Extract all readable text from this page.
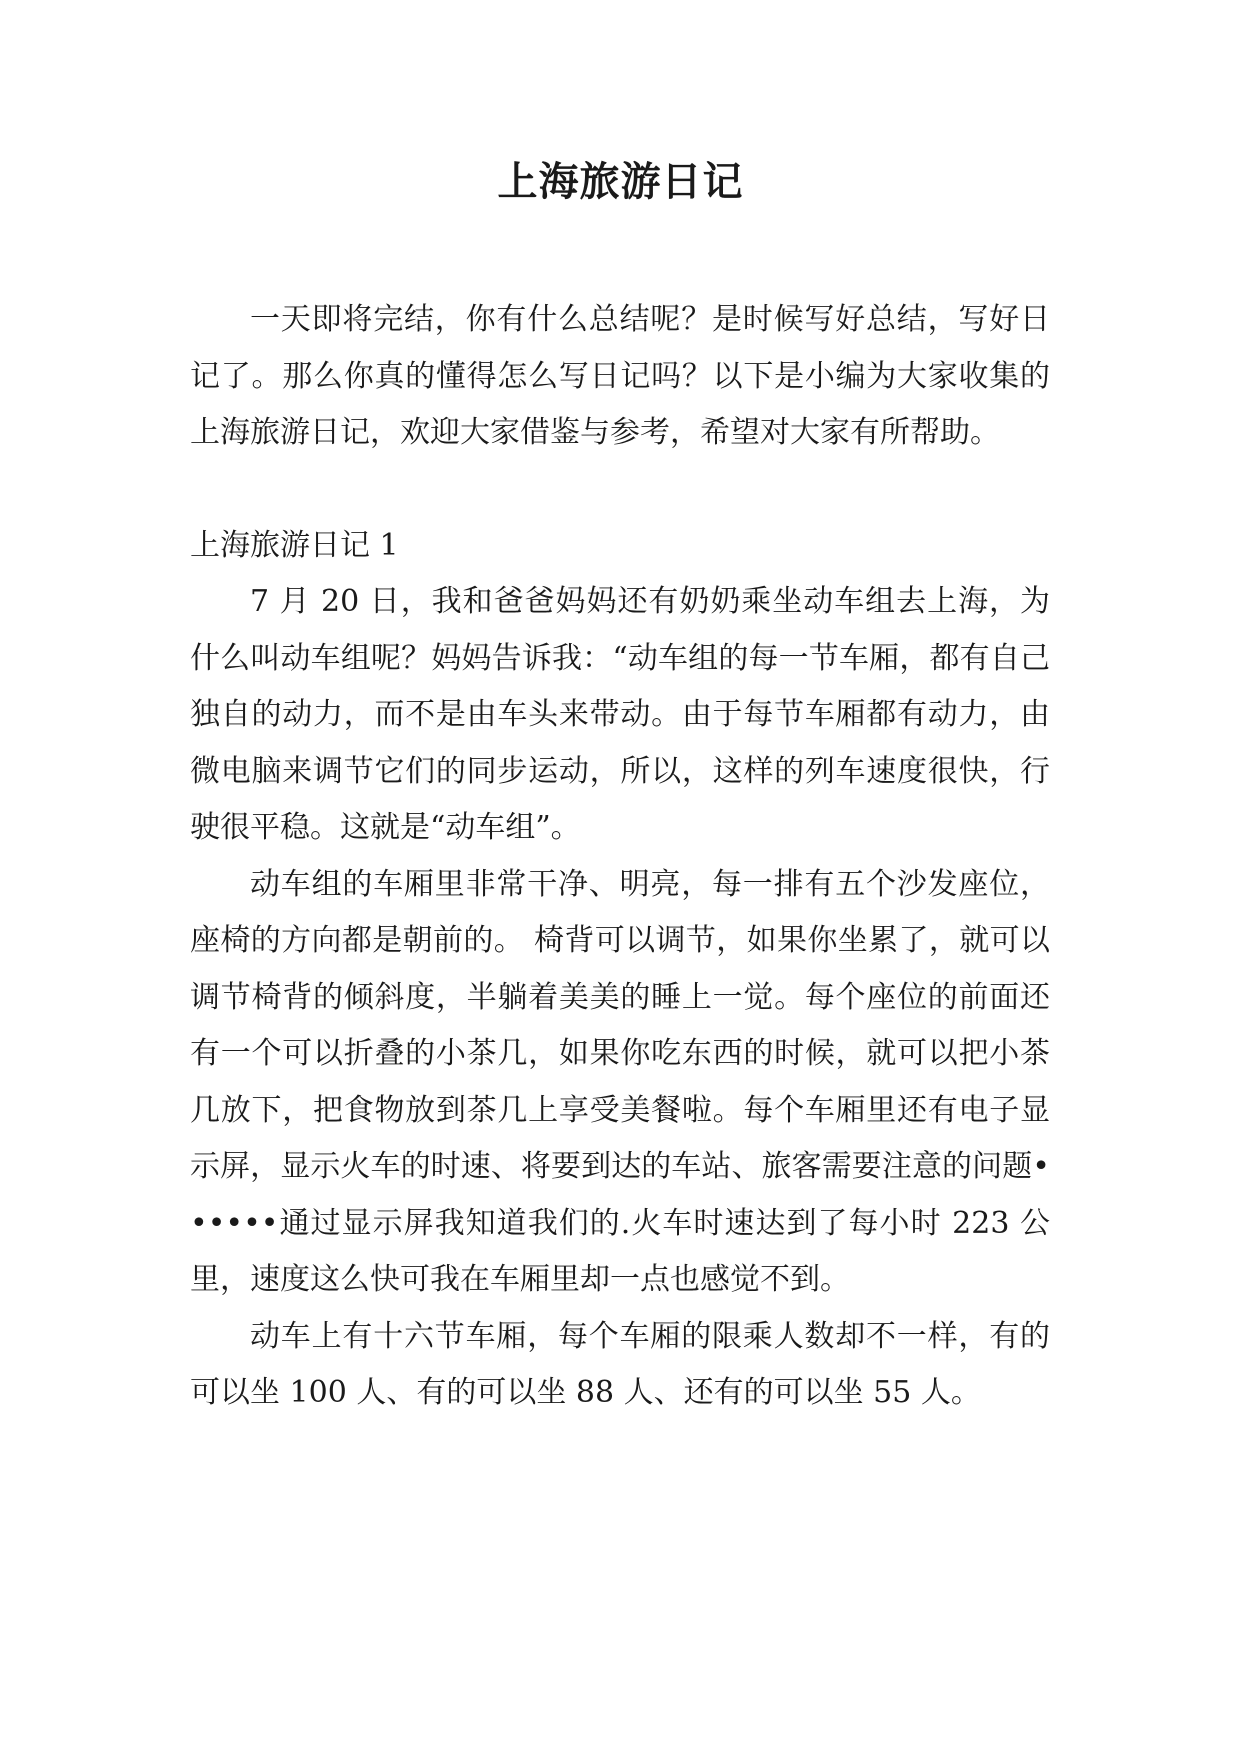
上海旅游日记

一天即将完结，你有什么总结呢？是时候写好总结，写好日记了。那么你真的懂得怎么写日记吗？以下是小编为大家收集的上海旅游日记，欢迎大家借鉴与参考，希望对大家有所帮助。

上海旅游日记 1

7 月 20 日，我和爸爸妈妈还有奶奶乘坐动车组去上海，为什么叫动车组呢？妈妈告诉我：“动车组的每一节车厢，都有自己独自的动力，而不是由车头来带动。由于每节车厢都有动力，由微电脑来调节它们的同步运动，所以，这样的列车速度很快，行驶很平稳。这就是“动车组”。

动车组的车厢里非常干净、明亮，每一排有五个沙发座位，座椅的方向都是朝前的。 椅背可以调节，如果你坐累了，就可以调节椅背的倾斜度，半躺着美美的睡上一觉。每个座位的前面还有一个可以折叠的小茶几，如果你吃东西的时候，就可以把小茶几放下，把食物放到茶几上享受美餐啦。每个车厢里还有电子显示屏，显示火车的时速、将要到达的车站、旅客需要注意的问题••••••通过显示屏我知道我们的.火车时速达到了每小时 223 公里，速度这么快可我在车厢里却一点也感觉不到。

动车上有十六节车厢，每个车厢的限乘人数却不一样，有的可以坐 100 人、有的可以坐 88 人、还有的可以坐 55 人。
